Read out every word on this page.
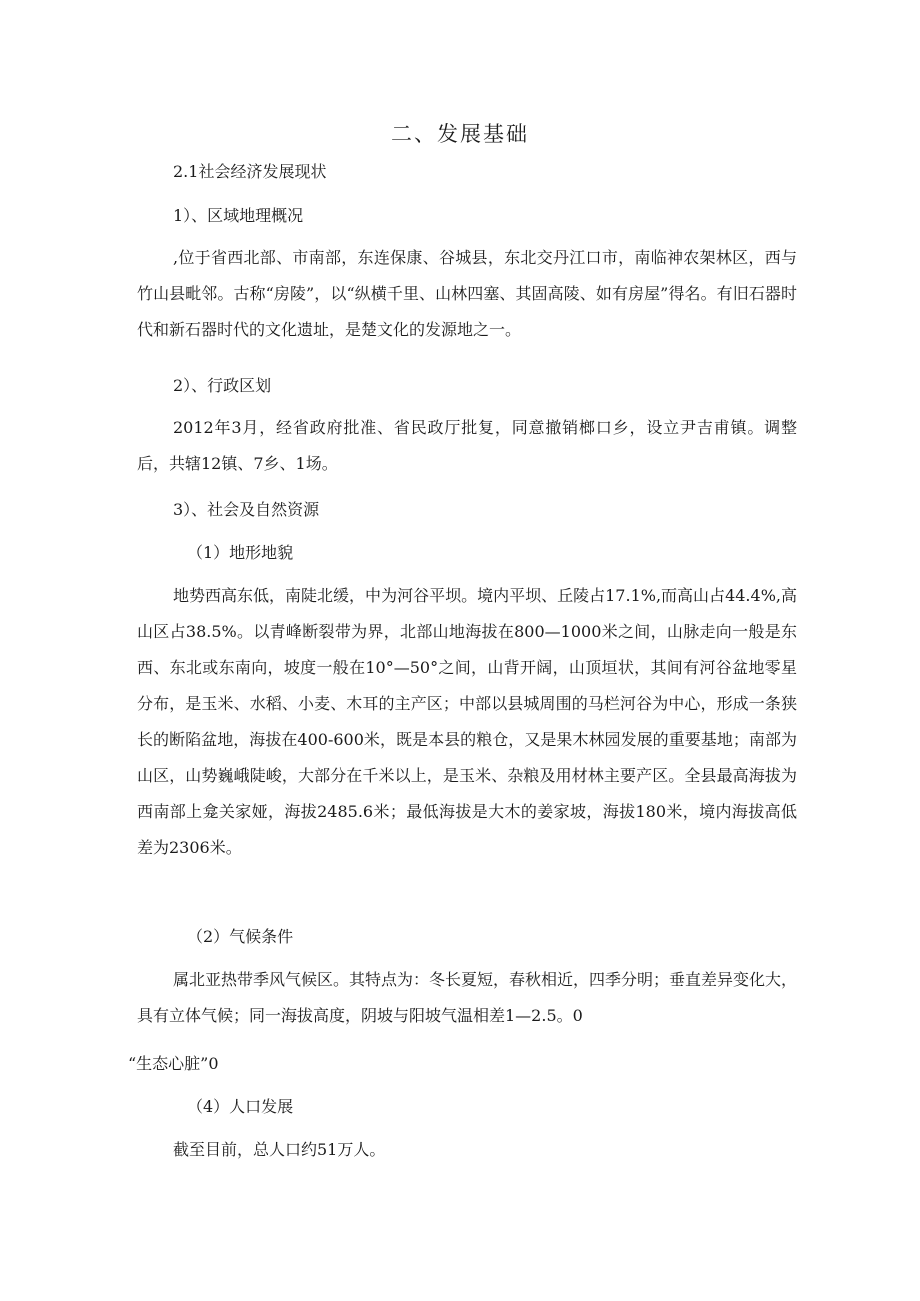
二、发展基础
2.1社会经济发展现状
1）、区域地理概况
,位于省西北部、市南部，东连保康、谷城县，东北交丹江口市，南临神农架林区，西与竹山县毗邻。古称“房陵”，以“纵横千里、山林四塞、其固高陵、如有房屋”得名。有旧石器时代和新石器时代的文化遗址，是楚文化的发源地之一。
2）、行政区划
2012年3月，经省政府批准、省民政厅批复，同意撤销榔口乡，设立尹吉甫镇。调整后，共辖12镇、7乡、1场。
3）、社会及自然资源
（1）地形地貌
地势西高东低，南陡北缓，中为河谷平坝。境内平坝、丘陵占17.1%,而高山占44.4%,高山区占38.5%。以青峰断裂带为界，北部山地海拔在800—1000米之间，山脉走向一般是东西、东北或东南向，坡度一般在10°—50°之间，山背开阔，山顶垣状，其间有河谷盆地零星分布，是玉米、水稻、小麦、木耳的主产区；中部以县城周围的马栏河谷为中心，形成一条狭长的断陷盆地，海拔在400-600米，既是本县的粮仓，又是果木林园发展的重要基地；南部为山区，山势巍峨陡峻，大部分在千米以上，是玉米、杂粮及用材林主要产区。全县最高海拔为西南部上龛关家娅，海拔2485.6米；最低海拔是大木的姜家坡，海拔180米，境内海拔高低差为2306米。
（2）气候条件
属北亚热带季风气候区。其特点为：冬长夏短，春秋相近，四季分明；垂直差异变化大，具有立体气候；同一海拔高度，阴坡与阳坡气温相差1—2.5。0
“生态心脏”0
（4）人口发展
截至目前，总人口约51万人。
